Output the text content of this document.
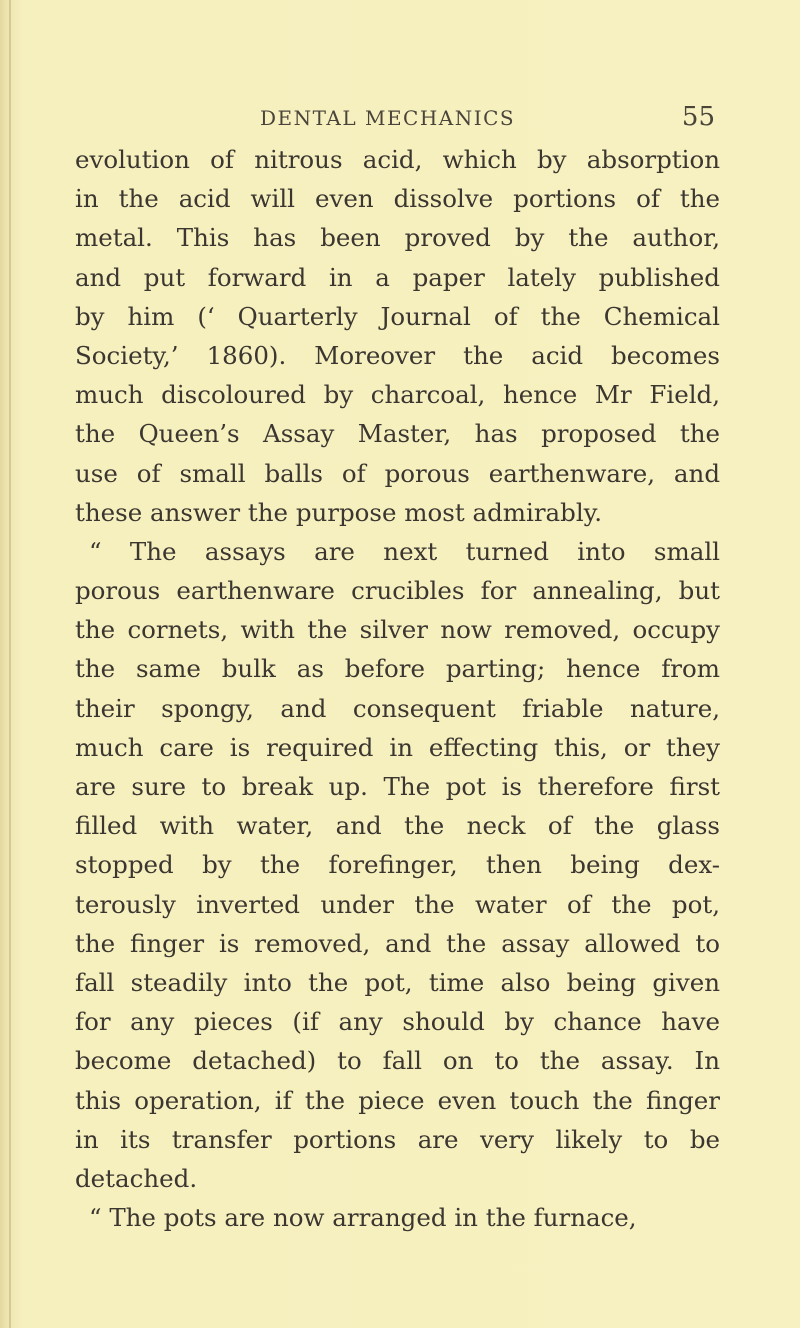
DENTAL MECHANICS	55
evolution of nitrous acid, which by absorption
in the acid will even dissolve portions of the
metal. This has been proved by the author,
and put forward in a paper lately published
by him (‘ Quarterly Journal of the Chemical
Society,’ 1860). Moreover the acid becomes
much discoloured by charcoal, hence Mr Field,
the Queen’s Assay Master, has proposed the
use of small balls of porous earthenware, and
these answer the purpose most admirably.
“ The assays are next turned into small
porous earthenware crucibles for annealing, but
the cornets, with the silver now removed, occupy
the same bulk as before parting; hence from
their spongy, and consequent friable nature,
much care is required in effecting this, or they
are sure to break up. The pot is therefore first
filled with water, and the neck of the glass
stopped by the forefinger, then being dex-
terously inverted under the water of the pot,
the finger is removed, and the assay allowed to
fall steadily into the pot, time also being given
for any pieces (if any should by chance have
become detached) to fall on to the assay. In
this operation, if the piece even touch the finger
in its transfer portions are very likely to be
detached.
“ The pots are now arranged in the furnace,
